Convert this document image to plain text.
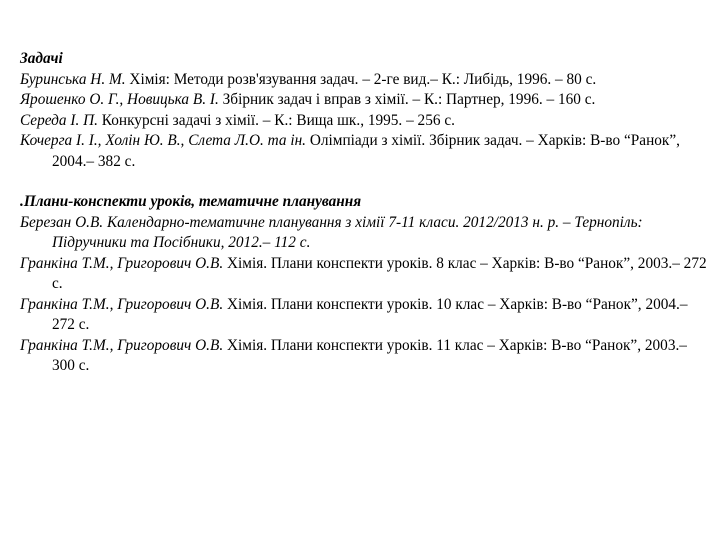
Задачі
Буринська Н. М. Хімія: Методи розв'язування задач. – 2-ге вид.– К.: Либідь, 1996. – 80 с.
Ярошенко О. Г., Новицька В. І. Збірник задач і вправ з хімії. – К.: Партнер, 1996. – 160 с.
Середа І. П. Конкурсні задачі з хімії. – К.: Вища шк., 1995. – 256 с.
Кочерга І. І., Холін Ю. В., Слета Л.О. та ін. Олімпіади з хімії. Збірник задач. – Харків: В-во “Ранок”, 2004.– 382 с.
.Плани-конспекти уроків, тематичне планування
Березан О.В. Календарно-тематичне планування з хімії 7-11 класи. 2012/2013 н. р. – Тернопіль: Підручники та Посібники, 2012.– 112 с.
Гранкіна Т.М., Григорович О.В. Хімія. Плани конспекти уроків. 8 клас – Харків: В-во “Ранок”, 2003.– 272 с.
Гранкіна Т.М., Григорович О.В. Хімія. Плани конспекти уроків. 10 клас – Харків: В-во “Ранок”, 2004.– 272 с.
Гранкіна Т.М., Григорович О.В. Хімія. Плани конспекти уроків. 11 клас – Харків: В-во “Ранок”, 2003.– 300 с.
